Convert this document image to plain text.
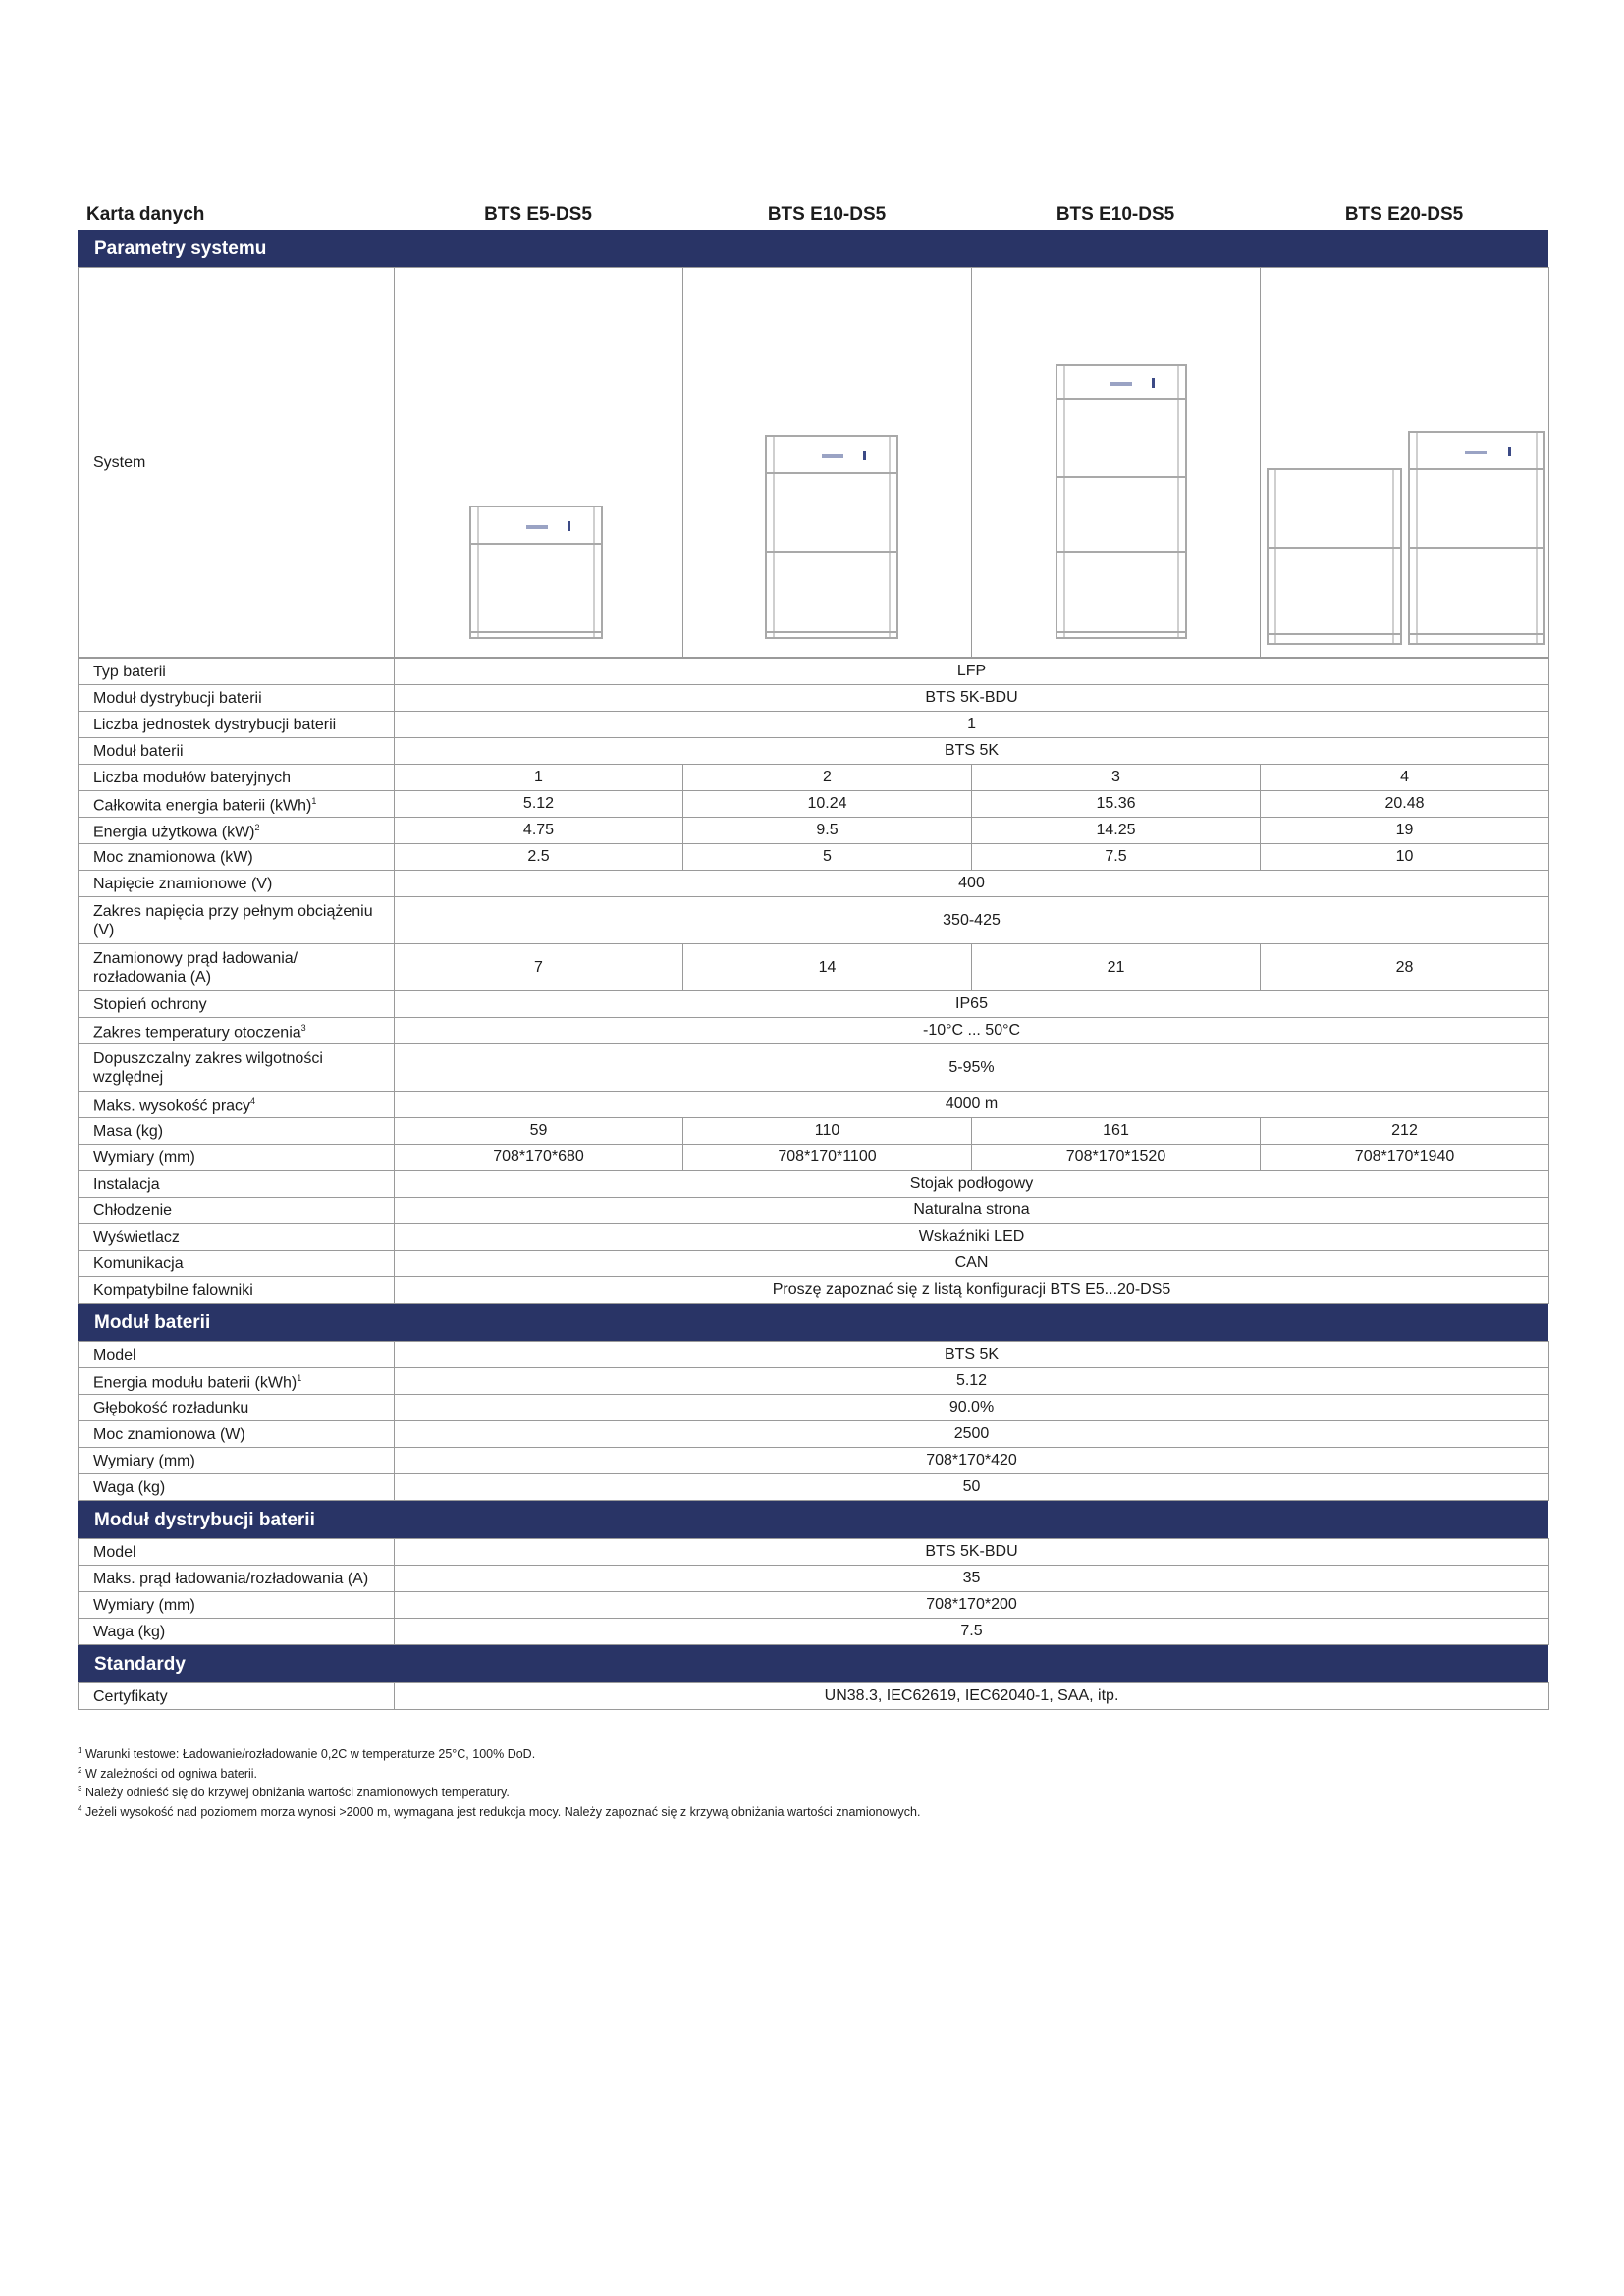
Karta danych	BTS E5-DS5	BTS E10-DS5	BTS E10-DS5	BTS E20-DS5
Parametry systemu
System	

Typ baterii	LFP			
Moduł dystrybucji baterii	BTS 5K-BDU			
Liczba jednostek dystrybucji baterii	1			
Moduł baterii	BTS 5K			
Liczba modułów bateryjnych	1	2	3	4
Całkowita energia baterii (kWh)$^1$	5.12	10.24	15.36	20.48
Energia użytkowa (kW)$^2$	4.75	9.5	14.25	19
Moc znamionowa (kW)	2.5	5	7.5	10
Napięcie znamionowe (V)	400			
Zakres napięcia przy pełnym obciążeniu (V)	350-425			
Znamionowy prąd ładowania/ rozładowania (A)	7	14	21	28
Stopień ochrony	IP65			
Zakres temperatury otoczenia$^3$	-10°C ... 50°C			
Dopuszczalny zakres wilgotności względnej	5-95%			
Maks. wysokość pracy$^4$	4000 m			
Masa (kg)	59	110	161	212
Wymiary (mm)	708*170*680	708*170*1100	708*170*1520	708*170*1940
Instalacja	Stojak podłogowy			
Chłodzenie	Naturalna strona			
Wyświetlacz	Wskaźniki LED			
Komunikacja	CAN			
Kompatybilne falowniki	Proszę zapoznać się z listą konfiguracji BTS E5...20-DS5			
Moduł baterii
Model	BTS 5K
Energia modułu baterii (kWh)$^1$	5.12
Głębokość rozładunku	90.0%
Moc znamionowa (W)	2500
Wymiary (mm)	708*170*420
Waga (kg)	50
Moduł dystrybucji baterii
Model	BTS 5K-BDU
Maks. prąd ładowania/rozładowania (A)	35
Wymiary (mm)	708*170*200
Waga (kg)	7.5
Standardy
Certyfikaty	UN38.3, IEC62619, IEC62040-1, SAA, itp.
$^1$ Warunki testowe: Ładowanie/rozładowanie 0,2C w temperaturze 25°C, 100% DoD.
$^2$ W zależności od ogniwa baterii.
$^3$ Należy odnieść się do krzywej obniżania wartości znamionowych temperatury.
$^4$ Jeżeli wysokość nad poziomem morza wynosi >2000 m, wymagana jest redukcja mocy. Należy zapoznać się z krzywą obniżania wartości znamionowych.
